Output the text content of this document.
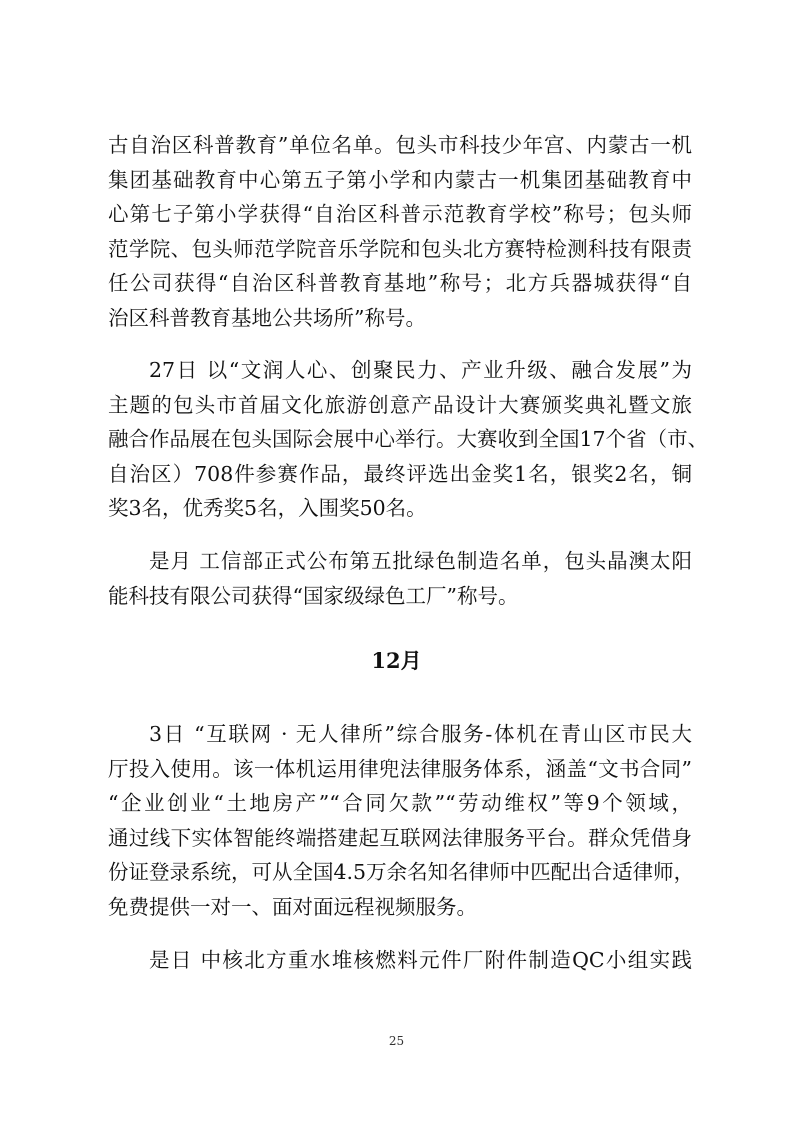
古自治区科普教育”单位名单。包头市科技少年宫、内蒙古一机
集团基础教育中心第五子第小学和内蒙古一机集团基础教育中
心第七子第小学获得“自治区科普示范教育学校”称号；包头师
范学院、包头师范学院音乐学院和包头北方赛特检测科技有限责
任公司获得“自治区科普教育基地”称号；北方兵器城获得“自
治区科普教育基地公共场所”称号。
27日 以“文润人心、创聚民力、产业升级、融合发展”为
主题的包头市首届文化旅游创意产品设计大赛颁奖典礼暨文旅
融合作品展在包头国际会展中心举行。大赛收到全国17个省（市、
自治区）708件参赛作品，最终评选出金奖1名，银奖2名，铜
奖3名，优秀奖5名，入围奖50名。
是月 工信部正式公布第五批绿色制造名单，包头晶澳太阳
能科技有限公司获得“国家级绿色工厂”称号。
12月
3日 “互联网 · 无人律所”综合服务-体机在青山区市民大
厅投入使用。该一体机运用律兜法律服务体系，涵盖“文书合同”
“企业创业“土地房产”“合同欠款”“劳动维权”等9个领域，
通过线下实体智能终端搭建起互联网法律服务平台。群众凭借身
份证登录系统，可从全国4.5万余名知名律师中匹配出合适律师，
免费提供一对一、面对面远程视频服务。
是日 中核北方重水堆核燃料元件厂附件制造QC小组实践
25
